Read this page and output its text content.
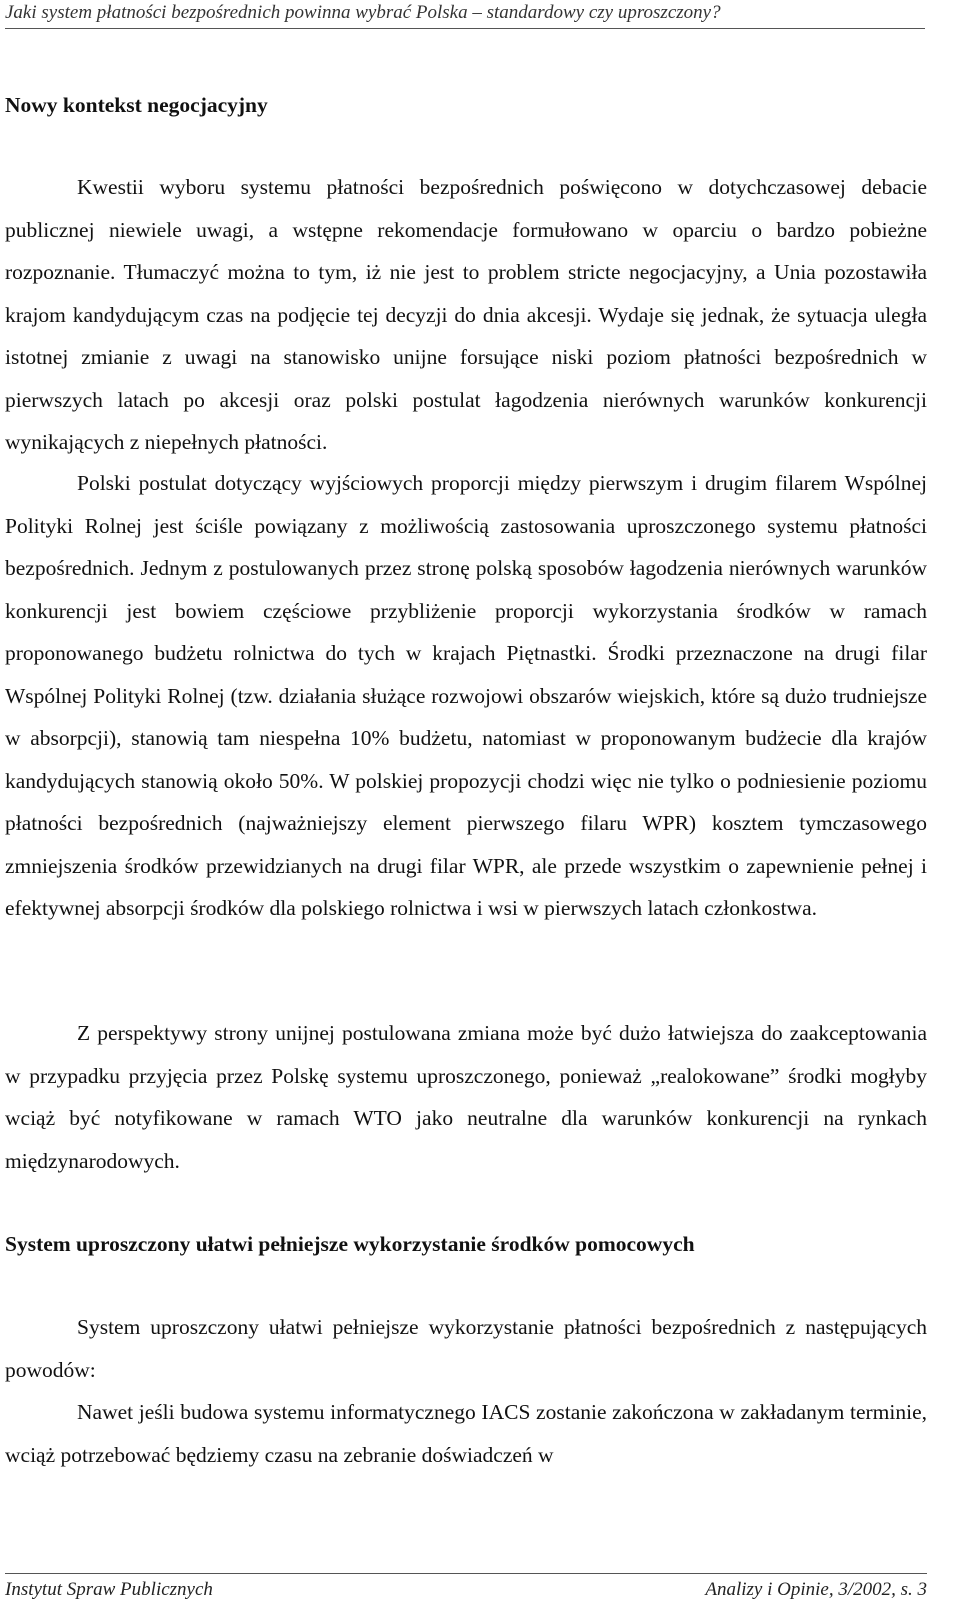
Jaki system płatności bezpośrednich powinna wybrać Polska – standardowy czy uproszczony?
Nowy kontekst negocjacyjny

Kwestii wyboru systemu płatności bezpośrednich poświęcono w dotychczasowej debacie publicznej niewiele uwagi, a wstępne rekomendacje formułowano w oparciu o bardzo pobieżne rozpoznanie. Tłumaczyć można to tym, iż nie jest to problem stricte negocjacyjny, a Unia pozostawiła krajom kandydującym czas na podjęcie tej decyzji do dnia akcesji. Wydaje się jednak, że sytuacja uległa istotnej zmianie z uwagi na stanowisko unijne forsujące niski poziom płatności bezpośrednich w pierwszych latach po akcesji oraz polski postulat łagodzenia nierównych warunków konkurencji wynikających z niepełnych płatności.

Polski postulat dotyczący wyjściowych proporcji między pierwszym i drugim filarem Wspólnej Polityki Rolnej jest ściśle powiązany z możliwością zastosowania uproszczonego systemu płatności bezpośrednich. Jednym z postulowanych przez stronę polską sposobów łagodzenia nierównych warunków konkurencji jest bowiem częściowe przybliżenie proporcji wykorzystania środków w ramach proponowanego budżetu rolnictwa do tych w krajach Piętnastki. Środki przeznaczone na drugi filar Wspólnej Polityki Rolnej (tzw. działania służące rozwojowi obszarów wiejskich, które są dużo trudniejsze w absorpcji), stanowią tam niespełna 10% budżetu, natomiast w proponowanym budżecie dla krajów kandydujących stanowią około 50%. W polskiej propozycji chodzi więc nie tylko o podniesienie poziomu płatności bezpośrednich (najważniejszy element pierwszego filaru WPR) kosztem tymczasowego zmniejszenia środków przewidzianych na drugi filar WPR, ale przede wszystkim o zapewnienie pełnej i efektywnej absorpcji środków dla polskiego rolnictwa i wsi w pierwszych latach członkostwa.

Z perspektywy strony unijnej postulowana zmiana może być dużo łatwiejsza do zaakceptowania w przypadku przyjęcia przez Polskę systemu uproszczonego, ponieważ „realokowane” środki mogłyby wciąż być notyfikowane w ramach WTO jako neutralne dla warunków konkurencji na rynkach międzynarodowych.

System uproszczony ułatwi pełniejsze wykorzystanie środków pomocowych

System uproszczony ułatwi pełniejsze wykorzystanie płatności bezpośrednich z następujących powodów:

Nawet jeśli budowa systemu informatycznego IACS zostanie zakończona w zakładanym terminie, wciąż potrzebować będziemy czasu na zebranie doświadczeń w

Instytut Spraw Publicznych	Analizy i Opinie, 3/2002, s. 3
